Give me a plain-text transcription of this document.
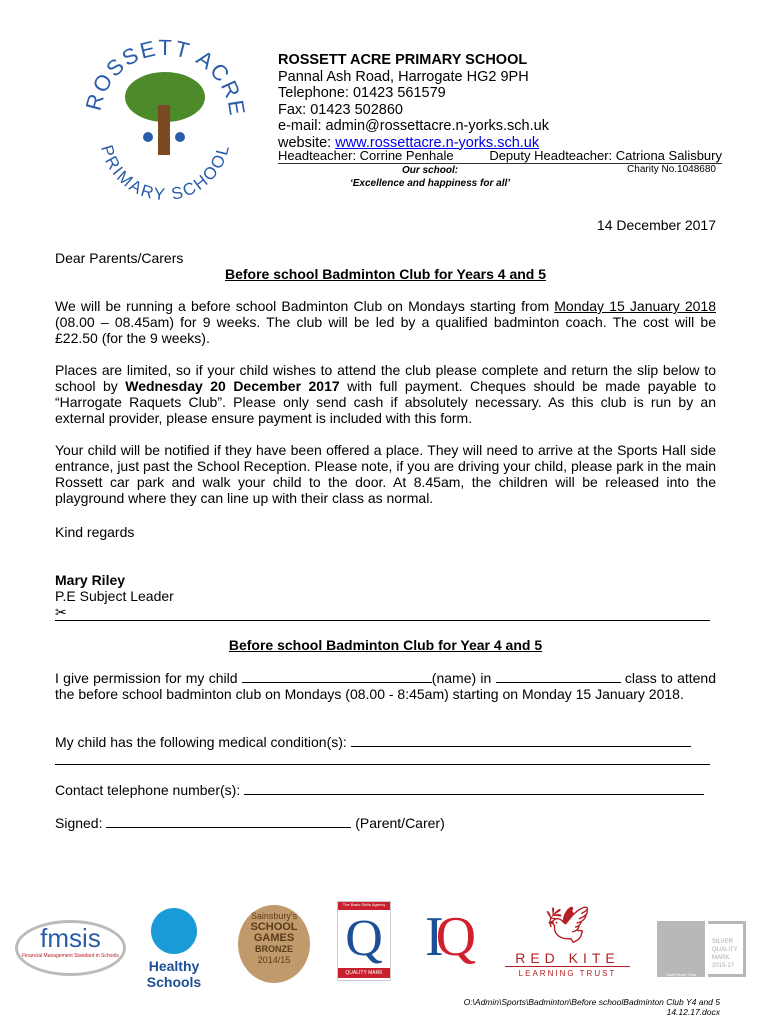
ROSSETT ACRE
PRIMARY SCHOOL
ROSSETT ACRE PRIMARY SCHOOL
Pannal Ash Road, Harrogate HG2 9PH
Telephone: 01423 561579
Fax: 01423 502860
e-mail: admin@rossettacre.n-yorks.sch.uk
website: www.rossettacre.n-yorks.sch.uk
Headteacher: Corrine Penhale	Deputy Headteacher: Catriona Salisbury
Our school:
‘Excellence and happiness for all’
Charity No.1048680
14 December 2017
Dear Parents/Carers
Before school Badminton Club for Years 4 and 5
We will be running a before school Badminton Club on Mondays starting from Monday 15 January 2018 (08.00 – 08.45am) for 9 weeks. The club will be led by a qualified badminton coach. The cost will be £22.50 (for the 9 weeks).
Places are limited, so if your child wishes to attend the club please complete and return the slip below to school by Wednesday 20 December 2017 with full payment. Cheques should be made payable to “Harrogate Raquets Club”. Please only send cash if absolutely necessary. As this club is run by an external provider, please ensure payment is included with this form.
Your child will be notified if they have been offered a place. They will need to arrive at the Sports Hall side entrance, just past the School Reception. Please note, if you are driving your child, please park in the main Rossett car park and walk your child to the door. At 8.45am, the children will be released into the playground where they can line up with their class as normal.
Kind regards
Mary Riley
P.E Subject Leader
✂
Before school Badminton Club for Year 4 and 5
I give permission for my child	(name) in	class to attend the before school badminton club on Mondays (08.00 - 8:45am) starting on Monday 15 January 2018.
My child has the following medical condition(s):
Contact telephone number(s):
Signed:	(Parent/Carer)
fmsis
Financial Management Standard in Schools
Healthy Schools
Sainsbury's
SCHOOL
GAMES
BRONZE
2014/15
The Basic Skills Agency
Q
QUALITY MARK
IQ	🕊
RED KITE
LEARNING TRUST	Youth Sport Trust
SILVER
QUALITY
MARK
2015-17
O:\Admin\Sports\Badminton\Before schoolBadminton Club Y4 and 5 14.12.17.docx
